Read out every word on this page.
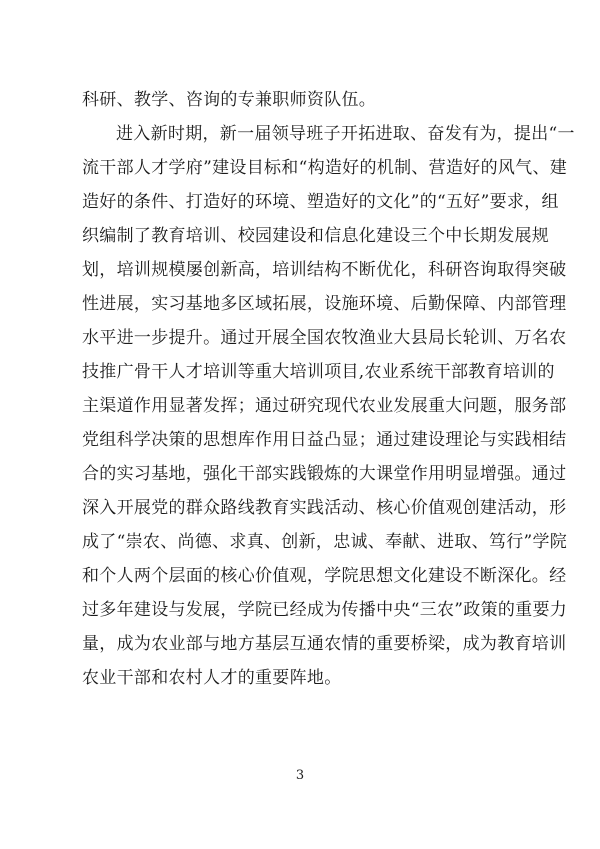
科研、教学、咨询的专兼职师资队伍。
进入新时期，新一届领导班子开拓进取、奋发有为，提出“一
流干部人才学府”建设目标和“构造好的机制、营造好的风气、建
造好的条件、打造好的环境、塑造好的文化”的“五好”要求，组
织编制了教育培训、校园建设和信息化建设三个中长期发展规
划，培训规模屡创新高，培训结构不断优化，科研咨询取得突破
性进展，实习基地多区域拓展，设施环境、后勤保障、内部管理
水平进一步提升。通过开展全国农牧渔业大县局长轮训、万名农
技推广骨干人才培训等重大培训项目,农业系统干部教育培训的
主渠道作用显著发挥；通过研究现代农业发展重大问题，服务部
党组科学决策的思想库作用日益凸显；通过建设理论与实践相结
合的实习基地，强化干部实践锻炼的大课堂作用明显增强。通过
深入开展党的群众路线教育实践活动、核心价值观创建活动，形
成了“崇农、尚德、求真、创新，忠诚、奉献、进取、笃行”学院
和个人两个层面的核心价值观，学院思想文化建设不断深化。经
过多年建设与发展，学院已经成为传播中央“三农”政策的重要力
量，成为农业部与地方基层互通农情的重要桥梁，成为教育培训
农业干部和农村人才的重要阵地。
3
